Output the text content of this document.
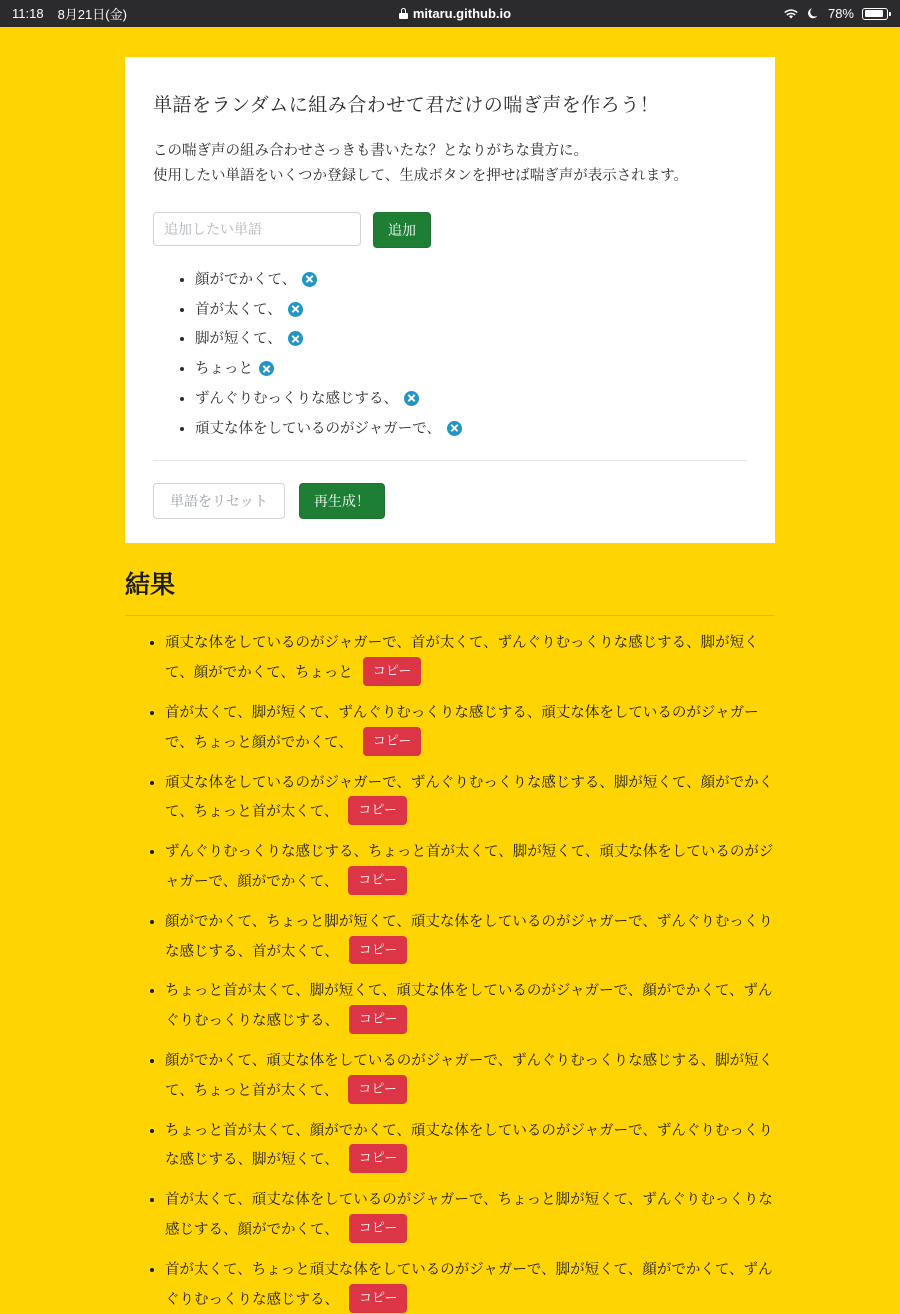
11:18 8月21日(金)	mitaru.github.io	78%
単語をランダムに組み合わせて君だけの喘ぎ声を作ろう！

この喘ぎ声の組み合わせさっきも書いたな？となりがちな貴方に。
使用したい単語をいくつか登録して、生成ボタンを押せば喘ぎ声が表示されます。

追加したい単語
追加
• 顔がでかくて、
• 首が太くて、
• 脚が短くて、
• ちょっと
• ずんぐりむっくりな感じする、
• 頑丈な体をしているのがジャガーで、
単語をリセット	再生成！
結果
• 頑丈な体をしているのがジャガーで、首が太くて、ずんぐりむっくりな感じする、脚が短くて、顔がでかくて、ちょっと コピー
• 首が太くて、脚が短くて、ずんぐりむっくりな感じする、頑丈な体をしているのがジャガーで、ちょっと顔がでかくて、 コピー
• 頑丈な体をしているのがジャガーで、ずんぐりむっくりな感じする、脚が短くて、顔がでかくて、ちょっと首が太くて、 コピー
• ずんぐりむっくりな感じする、ちょっと首が太くて、脚が短くて、頑丈な体をしているのがジャガーで、顔がでかくて、 コピー
• 顔がでかくて、ちょっと脚が短くて、頑丈な体をしているのがジャガーで、ずんぐりむっくりな感じする、首が太くて、 コピー
• ちょっと首が太くて、脚が短くて、頑丈な体をしているのがジャガーで、顔がでかくて、ずんぐりむっくりな感じする、 コピー
• 顔がでかくて、頑丈な体をしているのがジャガーで、ずんぐりむっくりな感じする、脚が短くて、ちょっと首が太くて、 コピー
• ちょっと首が太くて、顔がでかくて、頑丈な体をしているのがジャガーで、ずんぐりむっくりな感じする、脚が短くて、 コピー
• 首が太くて、頑丈な体をしているのがジャガーで、ちょっと脚が短くて、ずんぐりむっくりな感じする、顔がでかくて、 コピー
• 首が太くて、ちょっと頑丈な体をしているのがジャガーで、脚が短くて、顔がでかくて、ずんぐりむっくりな感じする、 コピー
